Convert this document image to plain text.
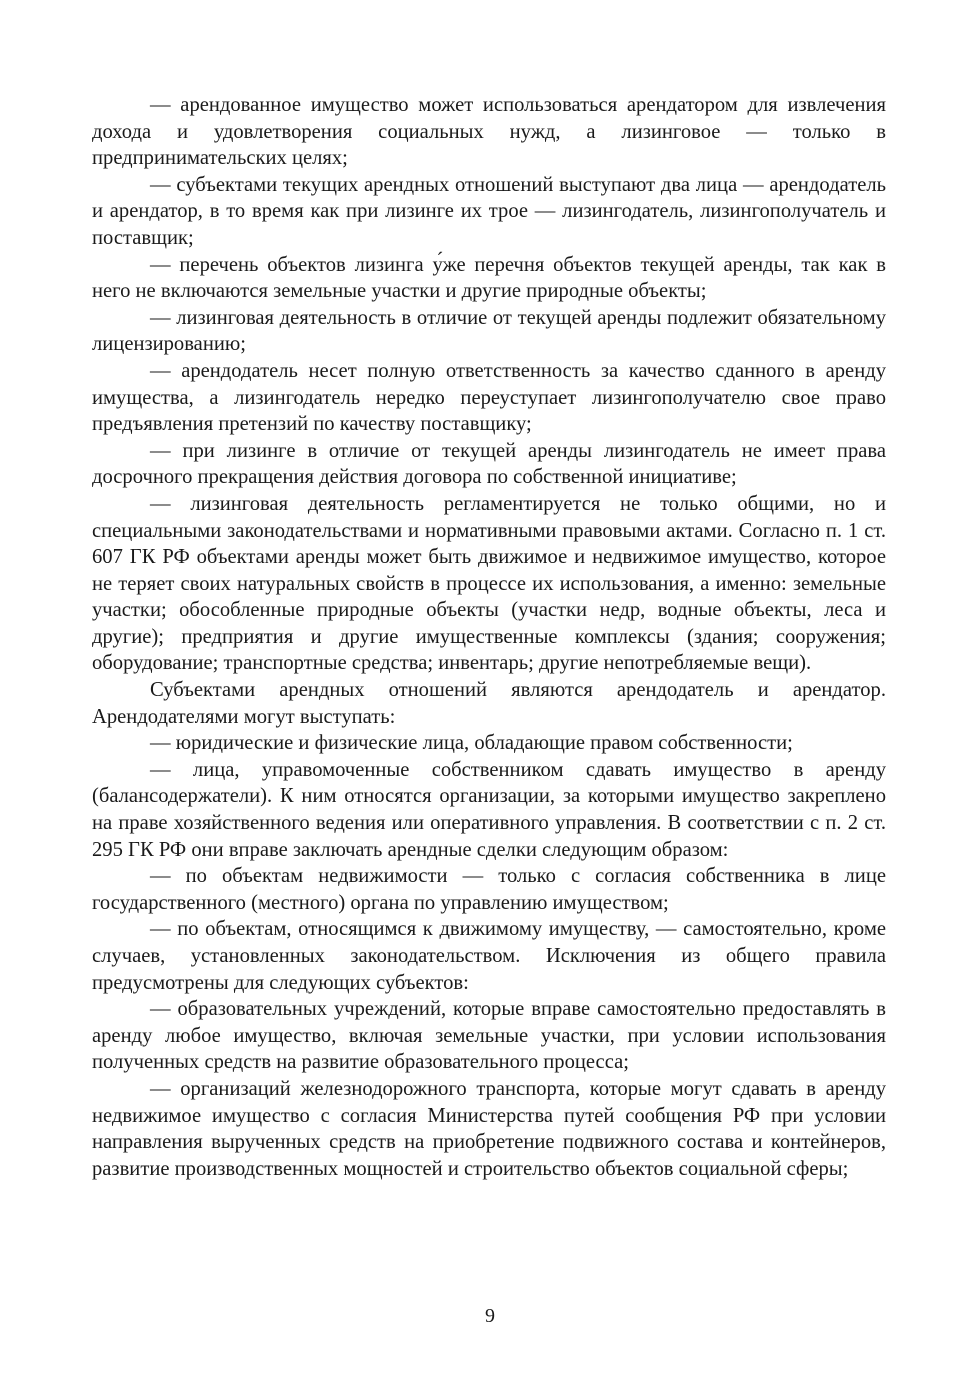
— арендованное имущество может использоваться арендатором для извлечения дохода и удовлетворения социальных нужд, а лизинговое — только в предпринимательских целях;

— субъектами текущих арендных отношений выступают два лица — арендодатель и арендатор, в то время как при лизинге их трое — лизингодатель, лизингополучатель и поставщик;

— перечень объектов лизинга у́же перечня объектов текущей аренды, так как в него не включаются земельные участки и другие природные объекты;

— лизинговая деятельность в отличие от текущей аренды подлежит обязательному лицензированию;

— арендодатель несет полную ответственность за качество сданного в аренду имущества, а лизингодатель нередко переуступает лизингополучателю свое право предъявления претензий по качеству поставщику;

— при лизинге в отличие от текущей аренды лизингодатель не имеет права досрочного прекращения действия договора по собственной инициативе;

— лизинговая деятельность регламентируется не только общими, но и специальными законодательствами и нормативными правовыми актами. Согласно п. 1 ст. 607 ГК РФ объектами аренды может быть движимое и недвижимое имущество, которое не теряет своих натуральных свойств в процессе их использования, а именно: земельные участки; обособленные природные объекты (участки недр, водные объекты, леса и другие); предприятия и другие имущественные комплексы (здания; сооружения; оборудование; транспортные средства; инвентарь; другие непотребляемые вещи).

Субъектами арендных отношений являются арендодатель и арендатор. Арендодателями могут выступать:

— юридические и физические лица, обладающие правом собственности;

— лица, управомоченные собственником сдавать имущество в аренду (балансодержатели). К ним относятся организации, за которыми имущество закреплено на праве хозяйственного ведения или оперативного управления. В соответствии с п. 2 ст. 295 ГК РФ они вправе заключать арендные сделки следующим образом:

— по объектам недвижимости — только с согласия собственника в лице государственного (местного) органа по управлению имуществом;

— по объектам, относящимся к движимому имуществу, — самостоятельно, кроме случаев, установленных законодательством. Исключения из общего правила предусмотрены для следующих субъектов:

— образовательных учреждений, которые вправе самостоятельно предоставлять в аренду любое имущество, включая земельные участки, при условии использования полученных средств на развитие образовательного процесса;

— организаций железнодорожного транспорта, которые могут сдавать в аренду недвижимое имущество с согласия Министерства путей сообщения РФ при условии направления вырученных средств на приобретение подвижного состава и контейнеров, развитие производственных мощностей и строительство объектов социальной сферы;

9
